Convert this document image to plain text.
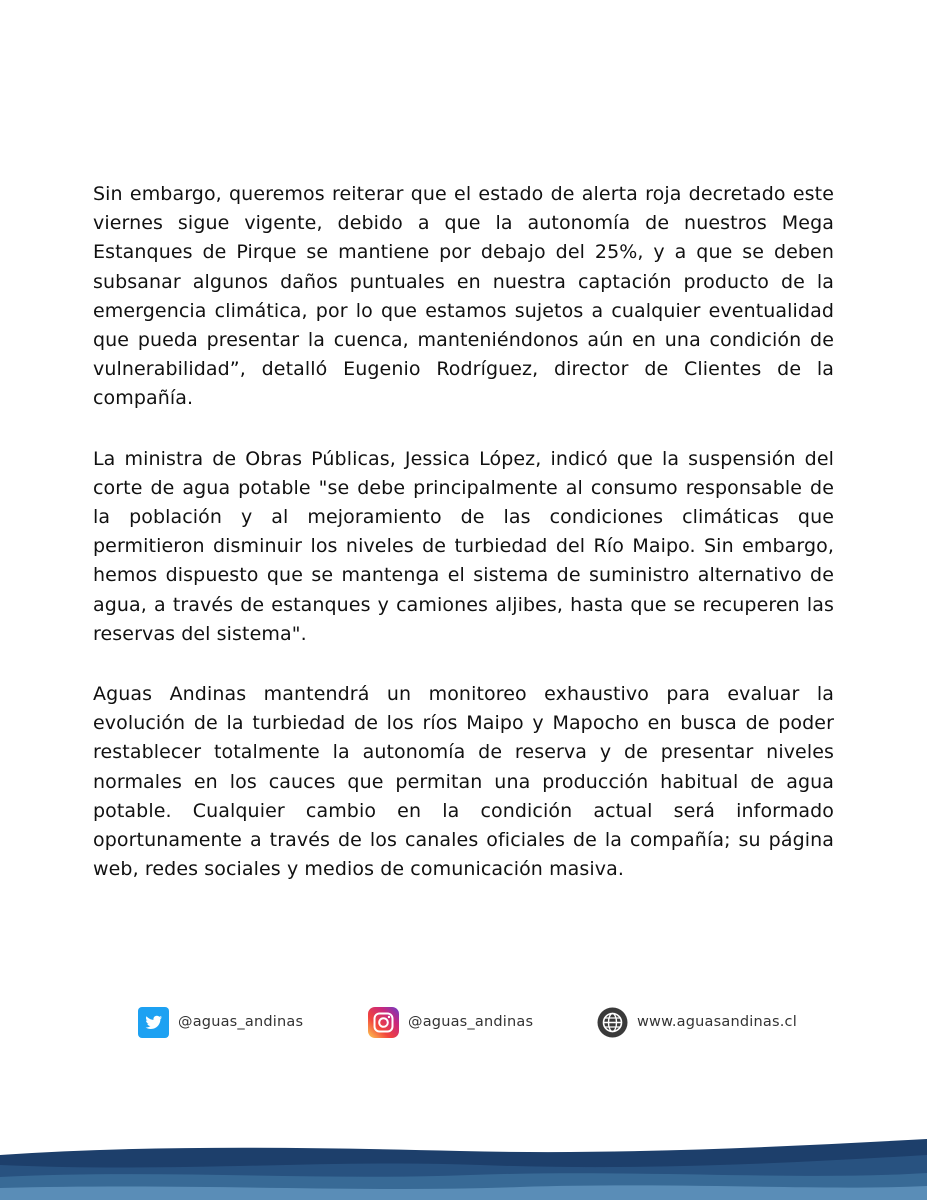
Sin embargo, queremos reiterar que el estado de alerta roja decretado este viernes sigue vigente, debido a que la autonomía de nuestros Mega Estanques de Pirque se mantiene por debajo del 25%, y a que se deben subsanar algunos daños puntuales en nuestra captación producto de la emergencia climática, por lo que estamos sujetos a cualquier eventualidad que pueda presentar la cuenca, manteniéndonos aún en una condición de vulnerabilidad”, detalló Eugenio Rodríguez, director de Clientes de la compañía.

La ministra de Obras Públicas, Jessica López, indicó que la suspensión del corte de agua potable "se debe principalmente al consumo responsable de la población y al mejoramiento de las condiciones climáticas que permitieron disminuir los niveles de turbiedad del Río Maipo. Sin embargo, hemos dispuesto que se mantenga el sistema de suministro alternativo de agua, a través de estanques y camiones aljibes, hasta que se recuperen las reservas del sistema".

Aguas Andinas mantendrá un monitoreo exhaustivo para evaluar la evolución de la turbiedad de los ríos Maipo y Mapocho en busca de poder restablecer totalmente la autonomía de reserva y de presentar niveles normales en los cauces que permitan una producción habitual de agua potable. Cualquier cambio en la condición actual será informado oportunamente a través de los canales oficiales de la compañía; su página web, redes sociales y medios de comunicación masiva.

@aguas_andinas	@aguas_andinas	www.aguasandinas.cl
